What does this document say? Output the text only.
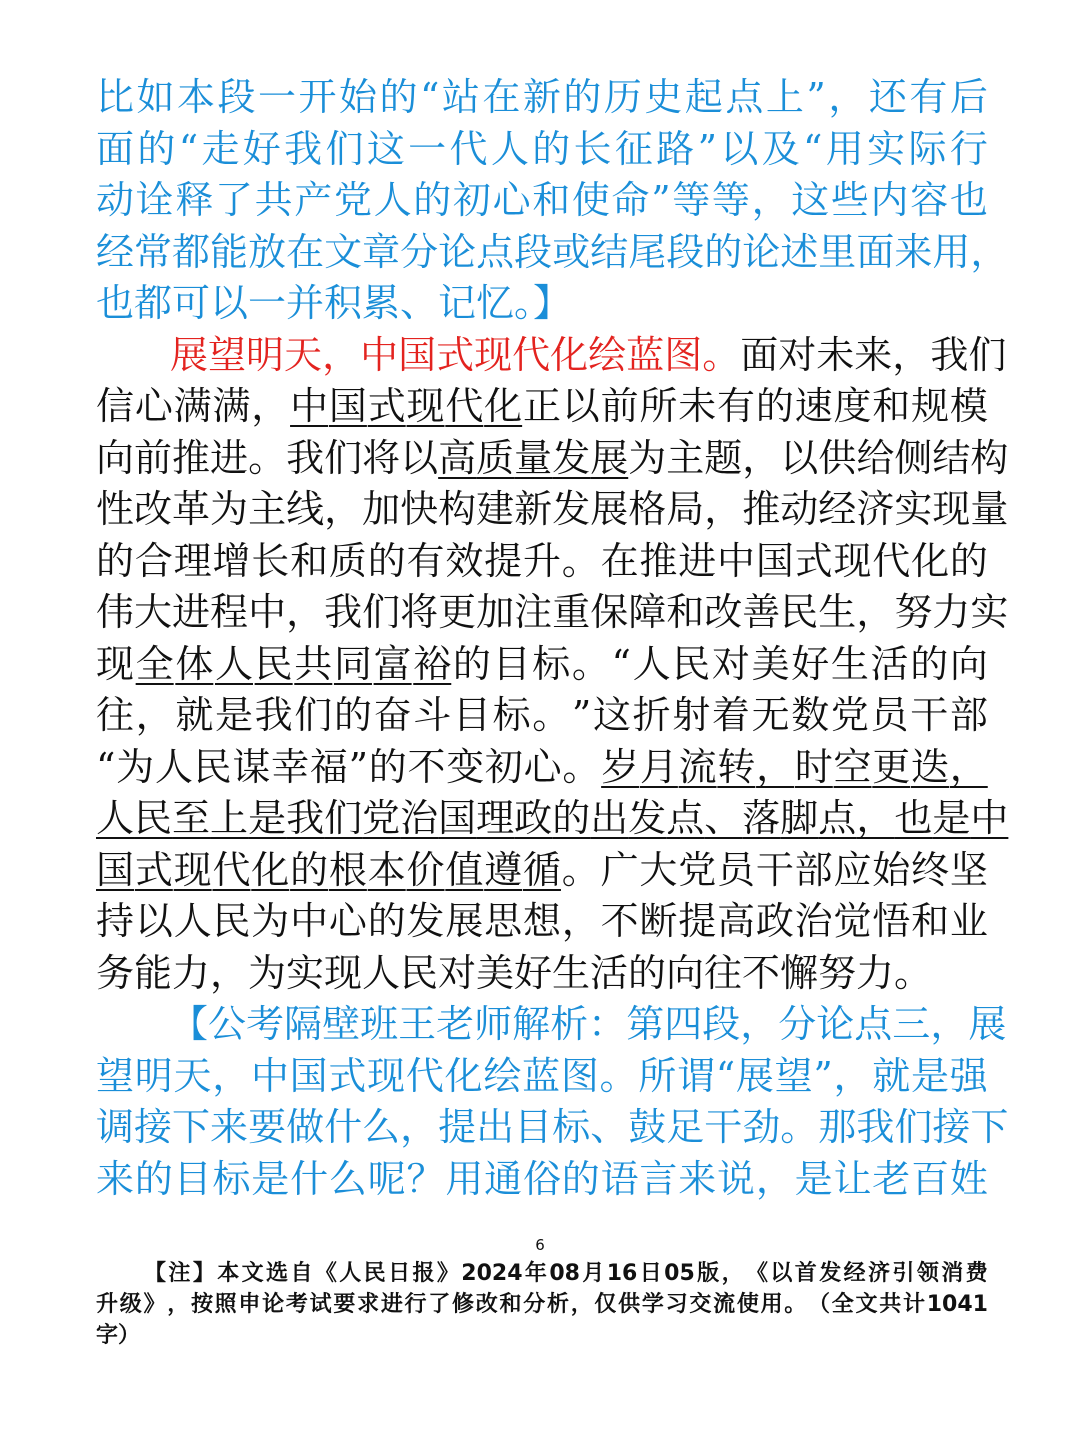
比 如 本 段 一 开 始 的 “ 站 在 新 的 历 史 起 点 上 ” ， 还 有 后
面 的 “ 走 好 我 们 这 一 代 人 的 长 征 路 ” 以 及 “ 用 实 际 行
动 诠 释 了 共 产 党 人 的 初 心 和 使 命 ” 等 等 ， 这 些 内 容 也
经 常 都 能 放 在 文 章 分 论 点 段 或 结 尾 段 的 论 述 里 面 来 用 ，
也都可以一并积累、记忆。】
展 望 明 天 ， 中 国 式 现 代 化 绘 蓝 图 。 面 对 未 来 ， 我 们
信 心 满 满 ， 中 国 式 现 代 化 正 以 前 所 未 有 的 速 度 和 规 模
向 前 推 进 。 我 们 将 以 高 质 量 发 展 为 主 题 ， 以 供 给 侧 结 构
性 改 革 为 主 线 ， 加 快 构 建 新 发 展 格 局 ， 推 动 经 济 实 现 量
的 合 理 增 长 和 质 的 有 效 提 升 。 在 推 进 中 国 式 现 代 化 的
伟 大 进 程 中 ， 我 们 将 更 加 注 重 保 障 和 改 善 民 生 ， 努 力 实
现 全 体 人 民 共 同 富 裕 的 目 标 。 “ 人 民 对 美 好 生 活 的 向
往 ， 就 是 我 们 的 奋 斗 目 标 。 ” 这 折 射 着 无 数 党 员 干 部
“ 为 人 民 谋 幸 福 ” 的 不 变 初 心 。 岁 月 流 转 ， 时 空 更 迭 ，
人 民 至 上 是 我 们 党 治 国 理 政 的 出 发 点 、 落 脚 点 ， 也 是 中
国 式 现 代 化 的 根 本 价 值 遵 循 。 广 大 党 员 干 部 应 始 终 坚
持 以 人 民 为 中 心 的 发 展 思 想 ， 不 断 提 高 政 治 觉 悟 和 业
务能力，为实现人民对美好生活的向往不懈努力。
【 公 考 隔 壁 班 王 老 师 解 析 ： 第 四 段 ， 分 论 点 三 ， 展
望 明 天 ， 中 国 式 现 代 化 绘 蓝 图 。 所 谓 “ 展 望 ” ， 就 是 强
调 接 下 来 要 做 什 么 ， 提 出 目 标 、 鼓 足 干 劲 。 那 我 们 接 下
来 的 目 标 是 什 么 呢 ？ 用 通 俗 的 语 言 来 说 ， 是 让 老 百 姓
6
【 注 】 本 文 选 自 《 人 民 日 报 》 2024 年 08 月 16 日 05 版 ， 《 以 首 发 经 济 引 领 消 费
升 级 》 ， 按 照 申 论 考 试 要 求 进 行 了 修 改 和 分 析 ， 仅 供 学 习 交 流 使 用 。 （ 全 文 共 计 1041
字）
